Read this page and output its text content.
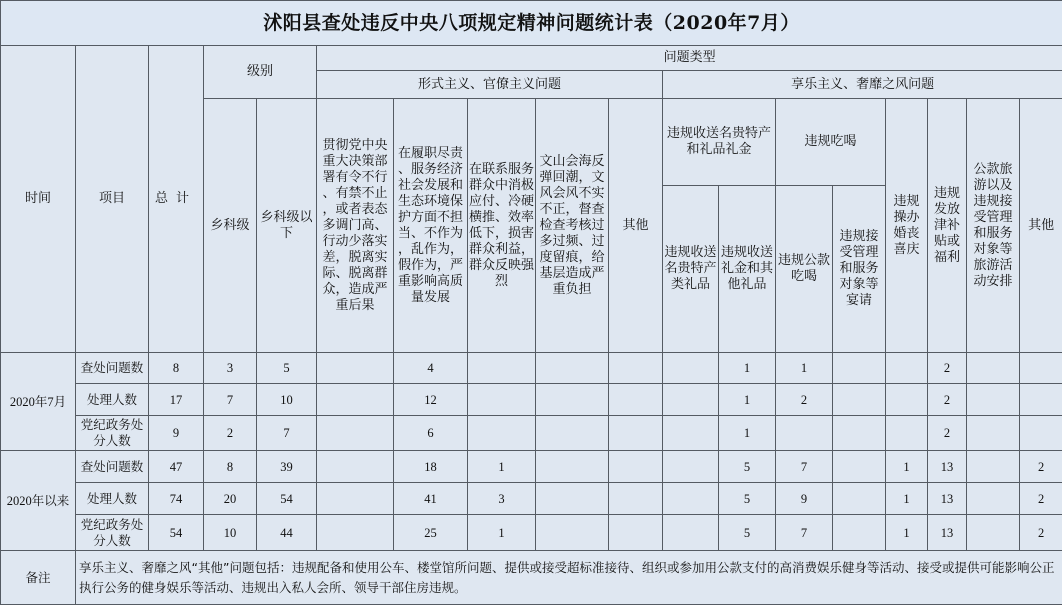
沭阳县查处违反中央八项规定精神问题统计表（2020年7月）																	
时间	项目	总计	级别		问题类型												
					形式主义、官僚主义问题					享乐主义、奢靡之风问题							
			乡科级	乡科级以下	贯彻党中央重大决策部署有令不行、有禁不止，或者表态多调门高、行动少落实差，脱离实际、脱离群众，造成严重后果	在履职尽责、服务经济社会发展和生态环境保护方面不担当、不作为，乱作为，假作为，严重影响高质量发展	在联系服务群众中消极应付、冷硬横推、效率低下，损害群众利益，群众反映强烈	文山会海反弹回潮，文风会风不实不正，督查检查考核过多过频、过度留痕，给基层造成严重负担	其他	违规收送名贵特产和礼品礼金		违规吃喝		违规操办婚丧喜庆	违规发放津补贴或福利	公款旅游以及违规接受管理和服务对象等旅游活动安排	其他
										违规收送名贵特产类礼品	违规收送礼金和其他礼品	违规公款吃喝	违规接受管理和服务对象等宴请				
2020年7月	查处问题数	8	3	5		4					1	1			2		
	处理人数	17	7	10		12					1	2			2		
	党纪政务处分人数	9	2	7		6					1				2		
2020年以来	查处问题数	47	8	39		18	1				5	7		1	13		2
	处理人数	74	20	54		41	3				5	9		1	13		2
	党纪政务处分人数	54	10	44		25	1				5	7		1	13		2
备注	享乐主义、奢靡之风“其他”问题包括：违规配备和使用公车、楼堂馆所问题、提供或接受超标准接待、组织或参加用公款支付的高消费娱乐健身等活动、接受或提供可能影响公正执行公务的健身娱乐等活动、违规出入私人会所、领导干部住房违规。																
